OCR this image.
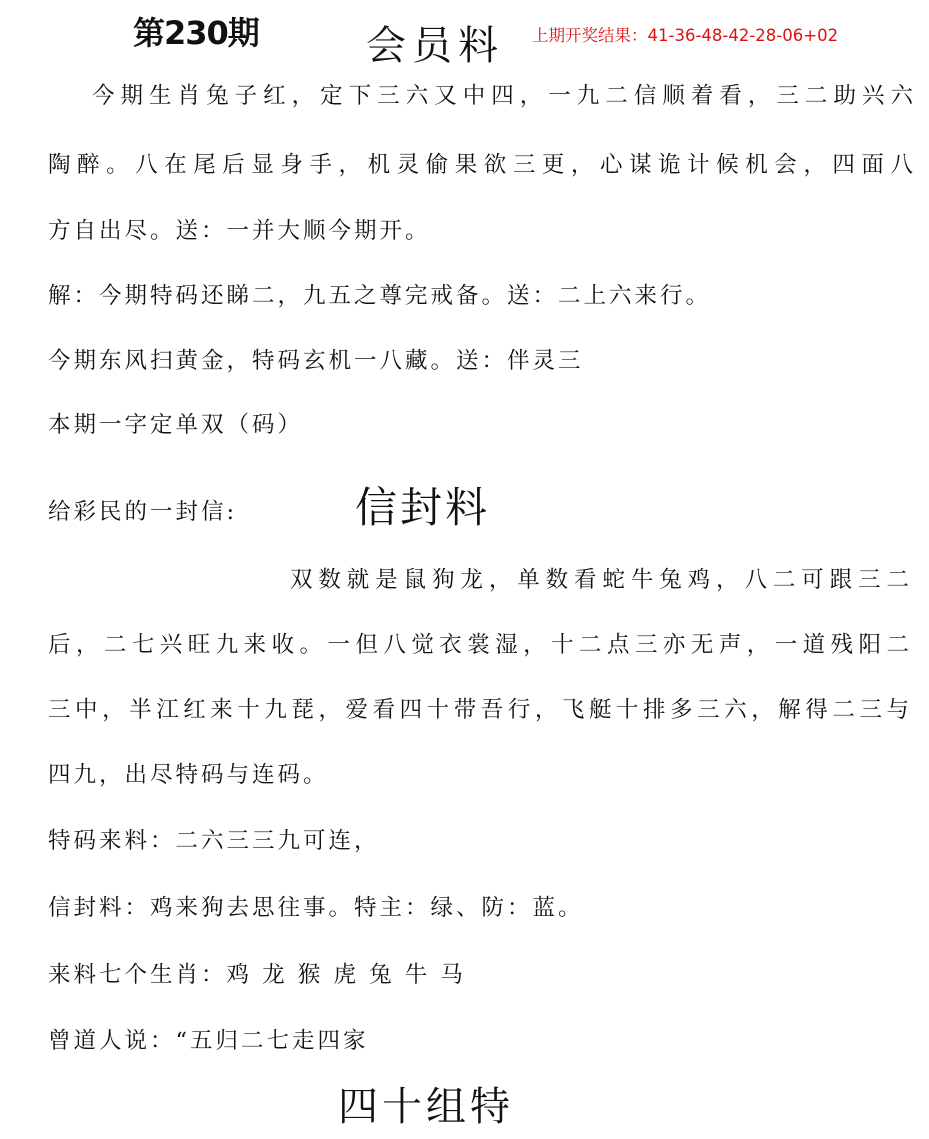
第230期	会员料 上期开奖结果：41-36-48-42-28-06+02
今期生肖兔子红，定下三六又中四，一九二信顺着看，三二助兴六
陶醉。八在尾后显身手，机灵偷果欲三更，心谋诡计候机会，四面八
方自出尽。送：一并大顺今期开。
解：今期特码还睇二，九五之尊完戒备。送：二上六来行。
今期东风扫黄金，特码玄机一八藏。送：伴灵三
本期一字定单双（码）
给彩民的一封信:	信封料
双数就是鼠狗龙，单数看蛇牛兔鸡，八二可跟三二
后，二七兴旺九来收。一但八觉衣裳湿，十二点三亦无声，一道残阳二
三中，半江红来十九琵，爱看四十带吾行，飞艇十排多三六，解得二三与
四九，出尽特码与连码。
特码来料：二六三三九可连，
信封料：鸡来狗去思往事。特主：绿、防：蓝。
来料七个生肖：鸡 龙 猴 虎 兔 牛 马
曾道人说：“五归二七走四家
四十组特
